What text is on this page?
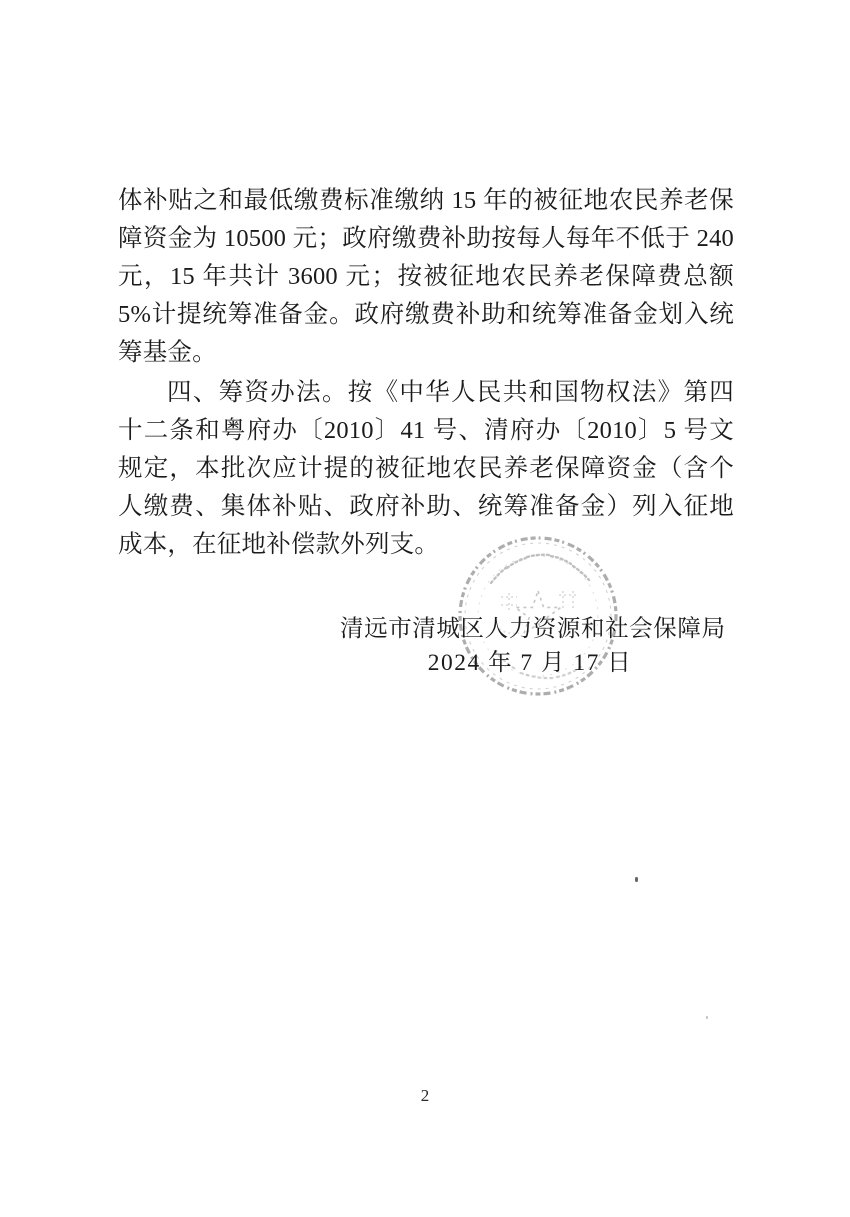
体补贴之和最低缴费标准缴纳 15 年的被征地农民养老保障资金为 10500 元；政府缴费补助按每人每年不低于 240 元，15 年共计 3600 元；按被征地农民养老保障费总额 5%计提统筹准备金。政府缴费补助和统筹准备金划入统筹基金。

四、筹资办法。按《中华人民共和国物权法》第四十二条和粤府办〔2010〕41 号、清府办〔2010〕5 号文规定，本批次应计提的被征地农民养老保障资金（含个人缴费、集体补贴、政府补助、统筹准备金）列入征地成本，在征地补偿款外列支。

清远市清城区人力资源和社会保障局
2024 年 7 月 17 日
2
